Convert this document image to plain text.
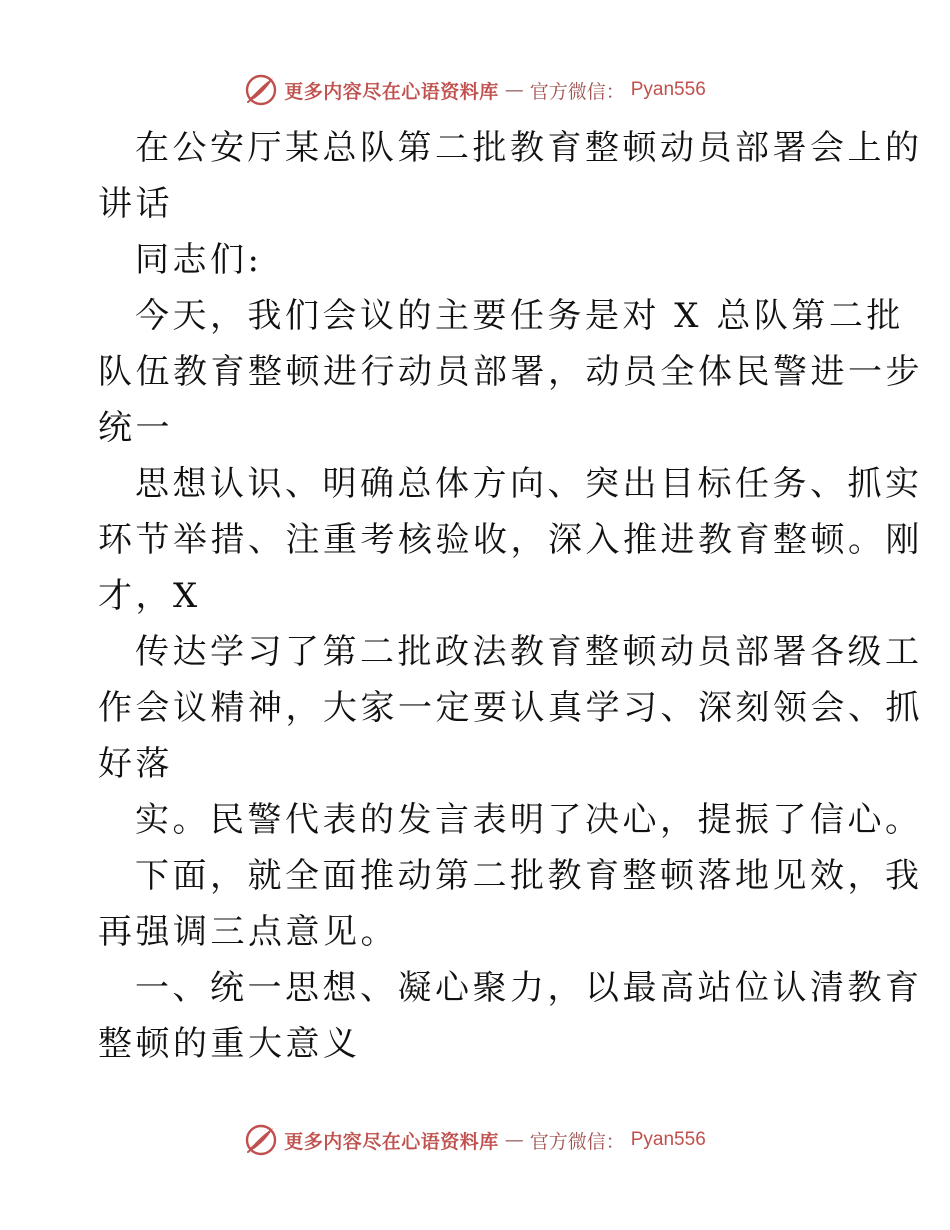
更多内容尽在心语资料库 — 官方微信： Pyan556
在公安厅某总队第二批教育整顿动员部署会上的
讲话
同志们:
今天，我们会议的主要任务是对 X 总队第二批
队伍教育整顿进行动员部署，动员全体民警进一步
统一
思想认识、明确总体方向、突出目标任务、抓实
环节举措、注重考核验收，深入推进教育整顿。刚
才，X
传达学习了第二批政法教育整顿动员部署各级工
作会议精神，大家一定要认真学习、深刻领会、抓
好落
实。民警代表的发言表明了决心，提振了信心。
下面，就全面推动第二批教育整顿落地见效，我
再强调三点意见。
一、统一思想、凝心聚力，以最高站位认清教育
整顿的重大意义
更多内容尽在心语资料库 — 官方微信： Pyan556
